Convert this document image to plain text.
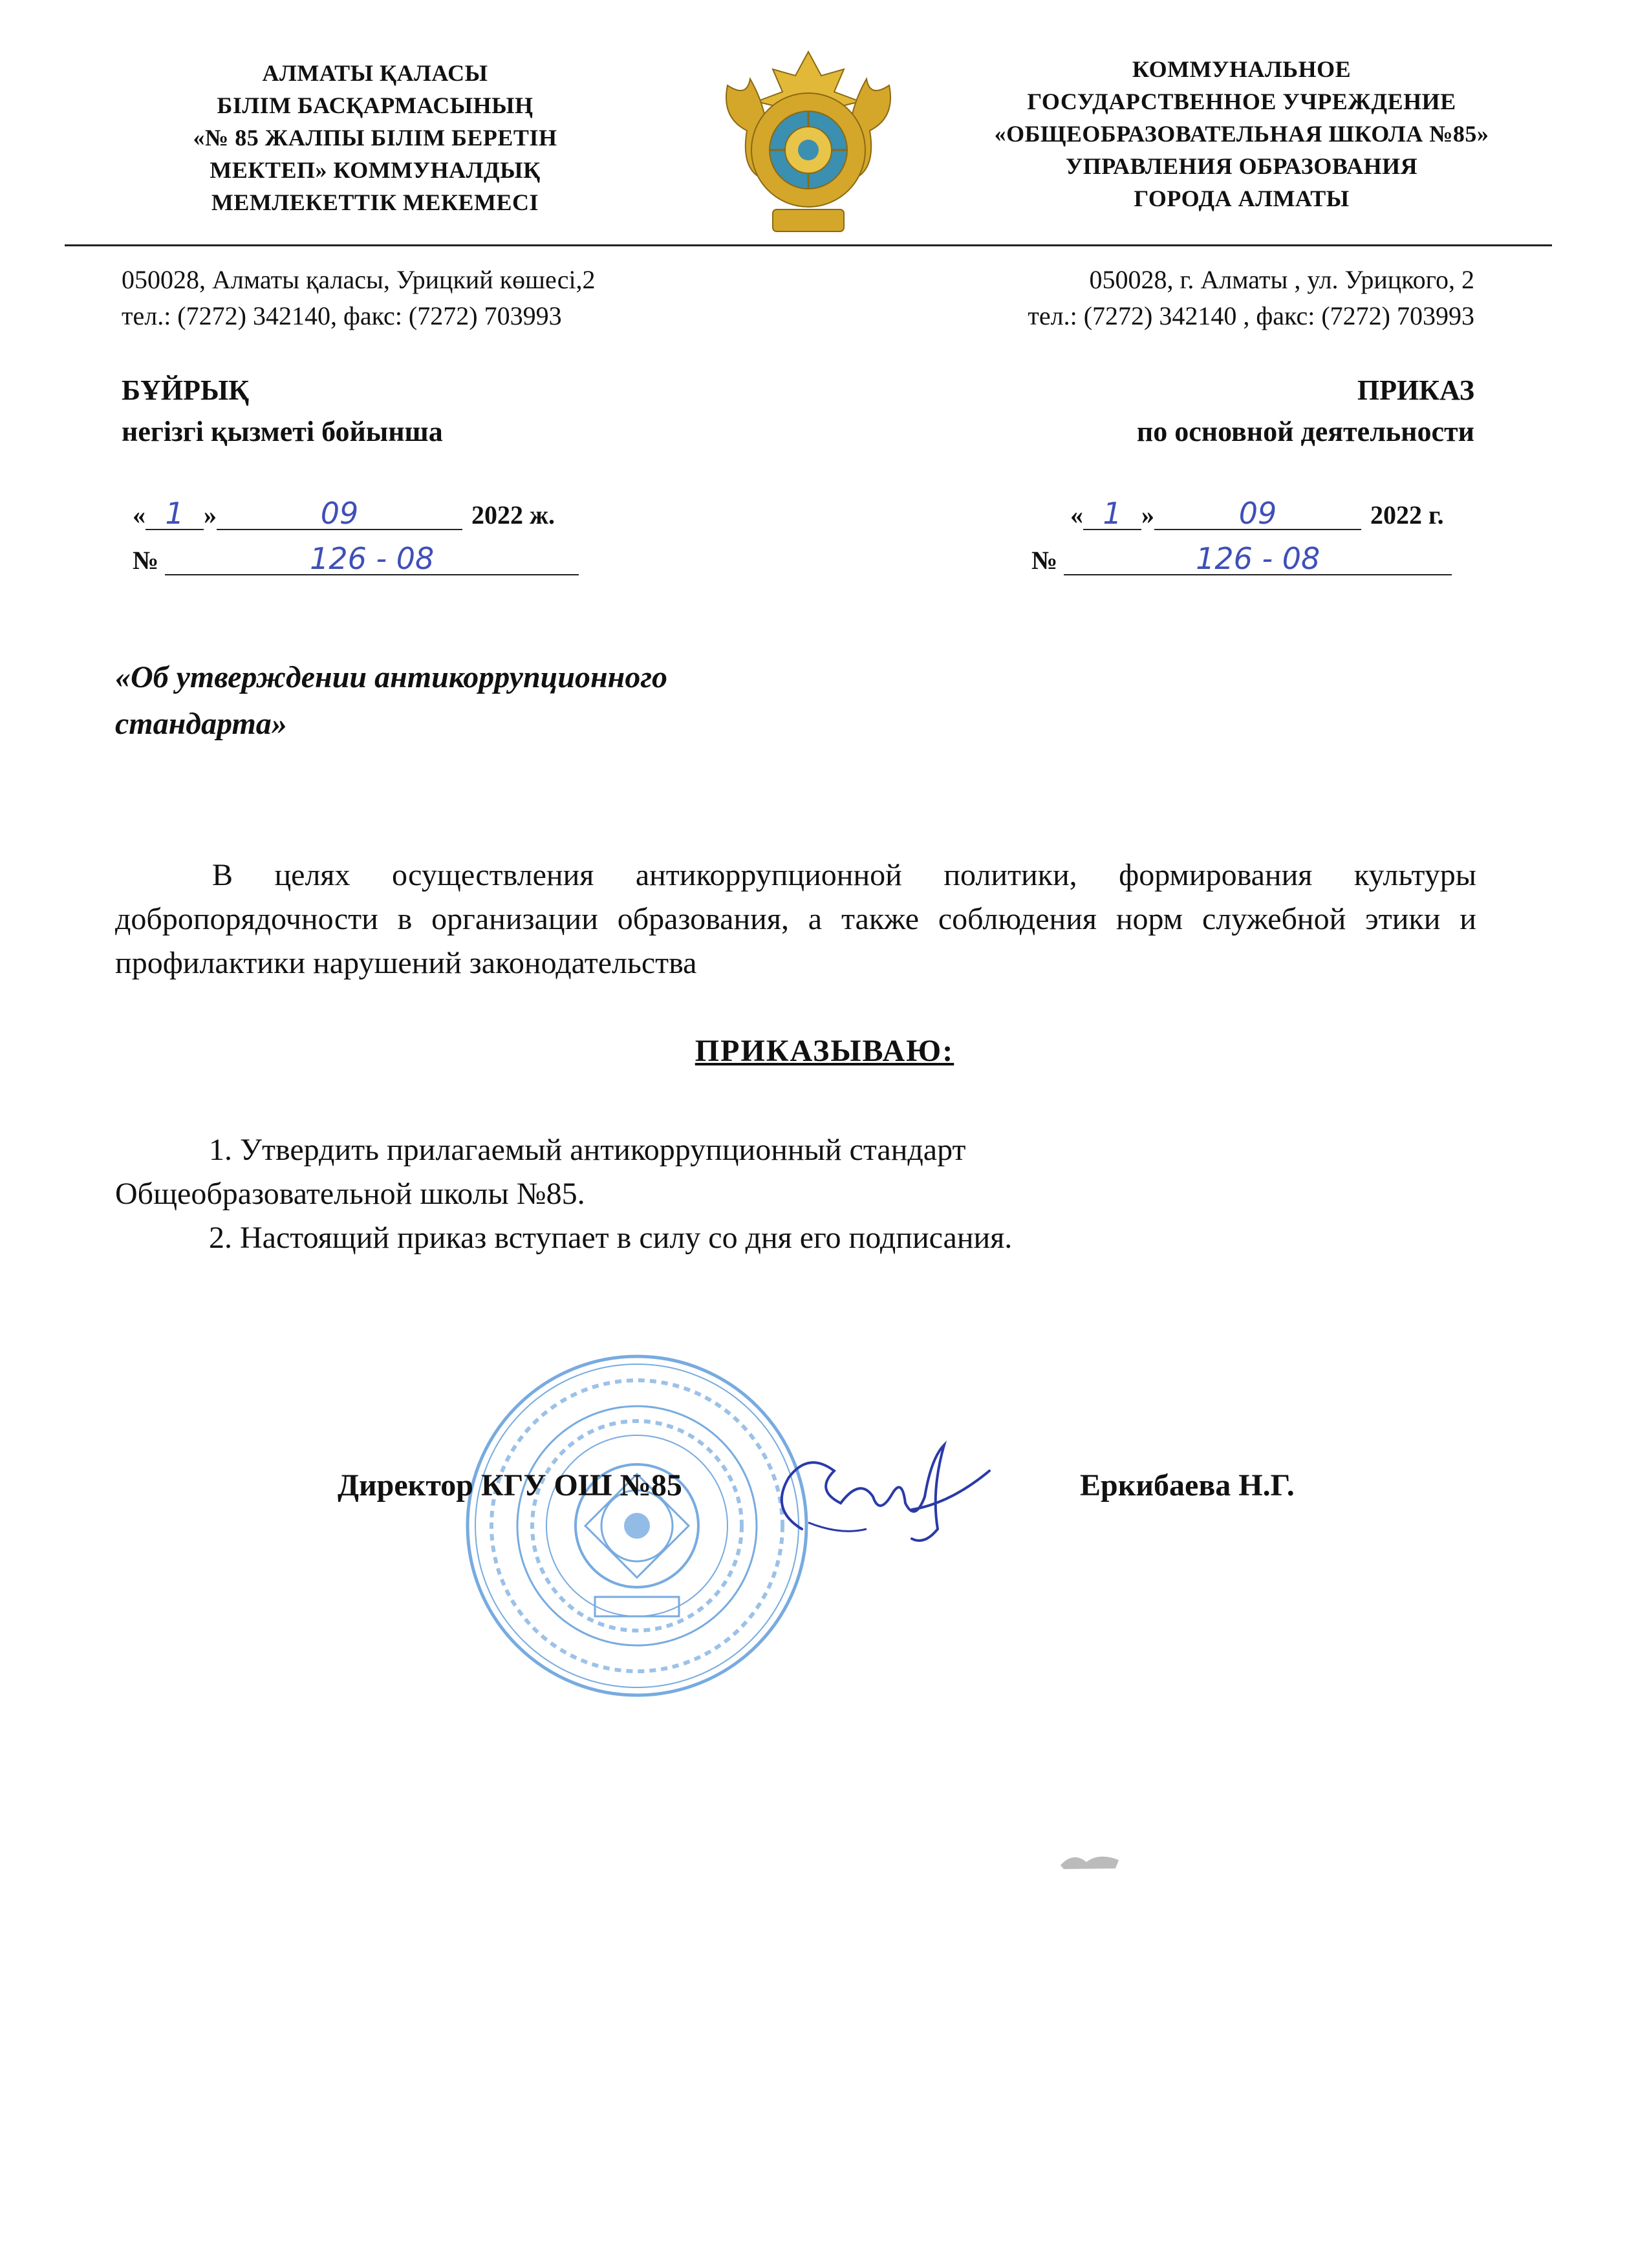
АЛМАТЫ ҚАЛАСЫ
БІЛІМ БАСҚАРМАСЫНЫҢ
«№ 85 ЖАЛПЫ БІЛІМ БЕРЕТІН
МЕКТЕП» КОММУНАЛДЫҚ
МЕМЛЕКЕТТІК МЕКЕМЕСІ
КОММУНАЛЬНОЕ
ГОСУДАРСТВЕННОЕ УЧРЕЖДЕНИЕ
«ОБЩЕОБРАЗОВАТЕЛЬНАЯ ШКОЛА №85»
УПРАВЛЕНИЯ ОБРАЗОВАНИЯ
ГОРОДА АЛМАТЫ
050028, Алматы қаласы, Урицкий көшесі,2
тел.: (7272) 342140, факс: (7272) 703993
050028, г. Алматы , ул. Урицкого, 2
тел.: (7272) 342140 , факс: (7272) 703993
БҰЙРЫҚ
негізгі қызметі бойынша
ПРИКАЗ
по основной деятельности
« 1 »	09	2022 ж.
№	126 - 08
« 1 »	09	2022 г.
№	126 - 08
«Об утверждении антикоррупционного
стандарта»
В целях осуществления антикоррупционной политики, формирования культуры добропорядочности в организации образования, а также соблюдения норм служебной этики и профилактики нарушений законодательства
ПРИКАЗЫВАЮ:
1. Утвердить прилагаемый антикоррупционный стандарт
Общеобразовательной школы №85.
2. Настоящий приказ вступает в силу со дня его подписания.
Директор КГУ ОШ №85	Еркибаева Н.Г.
